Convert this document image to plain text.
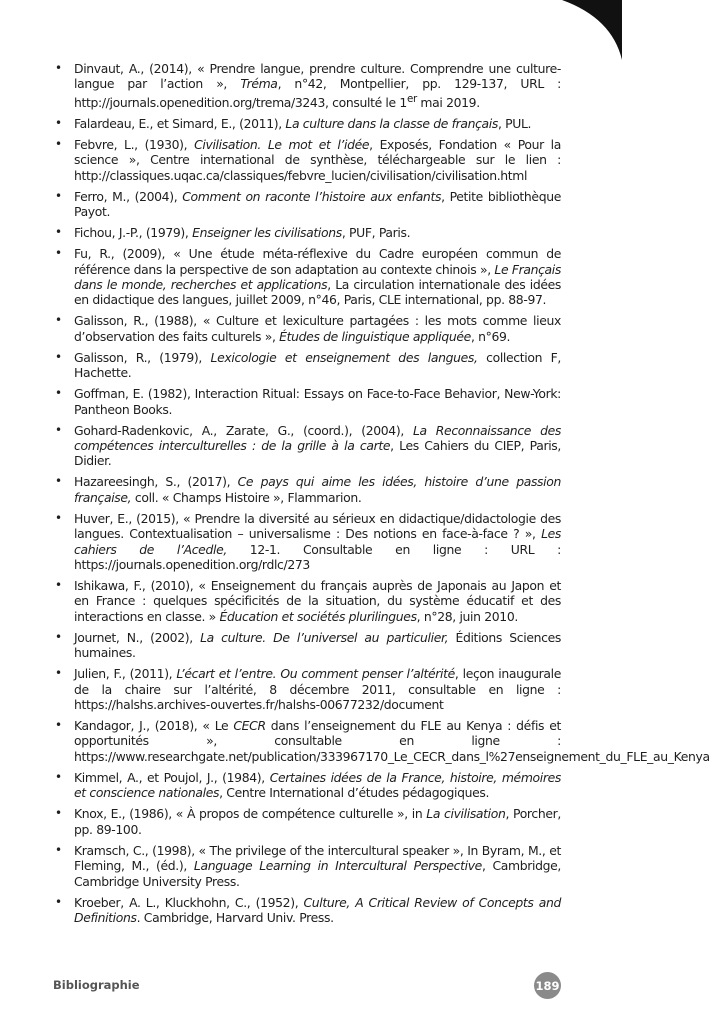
• Dinvaut, A., (2014), « Prendre langue, prendre culture. Comprendre une culture-langue par l’action », Tréma, n°42, Montpellier, pp. 129-137, URL : http://journals.openedition.org/trema/3243, consulté le 1er mai 2019.
• Falardeau, E., et Simard, E., (2011), La culture dans la classe de français, PUL.
• Febvre, L., (1930), Civilisation. Le mot et l’idée, Exposés, Fondation « Pour la science », Centre international de synthèse, téléchargeable sur le lien : http://classiques.uqac.ca/classiques/febvre_lucien/civilisation/civilisation.html
• Ferro, M., (2004), Comment on raconte l’histoire aux enfants, Petite bibliothèque Payot.
• Fichou, J.-P., (1979), Enseigner les civilisations, PUF, Paris.
• Fu, R., (2009), « Une étude méta-réflexive du Cadre européen commun de référence dans la perspective de son adaptation au contexte chinois », Le Français dans le monde, recherches et applications, La circulation internationale des idées en didactique des langues, juillet 2009, n°46, Paris, CLE international, pp. 88-97.
• Galisson, R., (1988), « Culture et lexiculture partagées : les mots comme lieux d’observation des faits culturels », Études de linguistique appliquée, n°69.
• Galisson, R., (1979), Lexicologie et enseignement des langues, collection F, Hachette.
• Goffman, E. (1982), Interaction Ritual: Essays on Face-to-Face Behavior, New-York: Pantheon Books.
• Gohard-Radenkovic, A., Zarate, G., (coord.), (2004), La Reconnaissance des compétences interculturelles : de la grille à la carte, Les Cahiers du CIEP, Paris, Didier.
• Hazareesingh, S., (2017), Ce pays qui aime les idées, histoire d’une passion française, coll. « Champs Histoire », Flammarion.
• Huver, E., (2015), « Prendre la diversité au sérieux en didactique/didactologie des langues. Contextualisation – universalisme : Des notions en face-à-face ? », Les cahiers de l’Acedle, 12-1. Consultable en ligne : URL : https://journals.openedition.org/rdlc/273
• Ishikawa, F., (2010), « Enseignement du français auprès de Japonais au Japon et en France : quelques spécificités de la situation, du système éducatif et des interactions en classe. » Éducation et sociétés plurilingues, n°28, juin 2010.
• Journet, N., (2002), La culture. De l’universel au particulier, Éditions Sciences humaines.
• Julien, F., (2011), L’écart et l’entre. Ou comment penser l’altérité, leçon inaugurale de la chaire sur l’altérité, 8 décembre 2011, consultable en ligne : https://halshs.archives-ouvertes.fr/halshs-00677232/document
• Kandagor, J., (2018), « Le CECR dans l’enseignement du FLE au Kenya : défis et opportunités », consultable en ligne : https://www.researchgate.net/publication/333967170_Le_CECR_dans_l%27enseignement_du_FLE_au_Kenya
• Kimmel, A., et Poujol, J., (1984), Certaines idées de la France, histoire, mémoires et conscience nationales, Centre International d’études pédagogiques.
• Knox, E., (1986), « À propos de compétence culturelle », in La civilisation, Porcher, pp. 89-100.
• Kramsch, C., (1998), « The privilege of the intercultural speaker », In Byram, M., et Fleming, M., (éd.), Language Learning in Intercultural Perspective, Cambridge, Cambridge University Press.
• Kroeber, A. L., Kluckhohn, C., (1952), Culture, A Critical Review of Concepts and Definitions. Cambridge, Harvard Univ. Press.
Bibliographie	189
